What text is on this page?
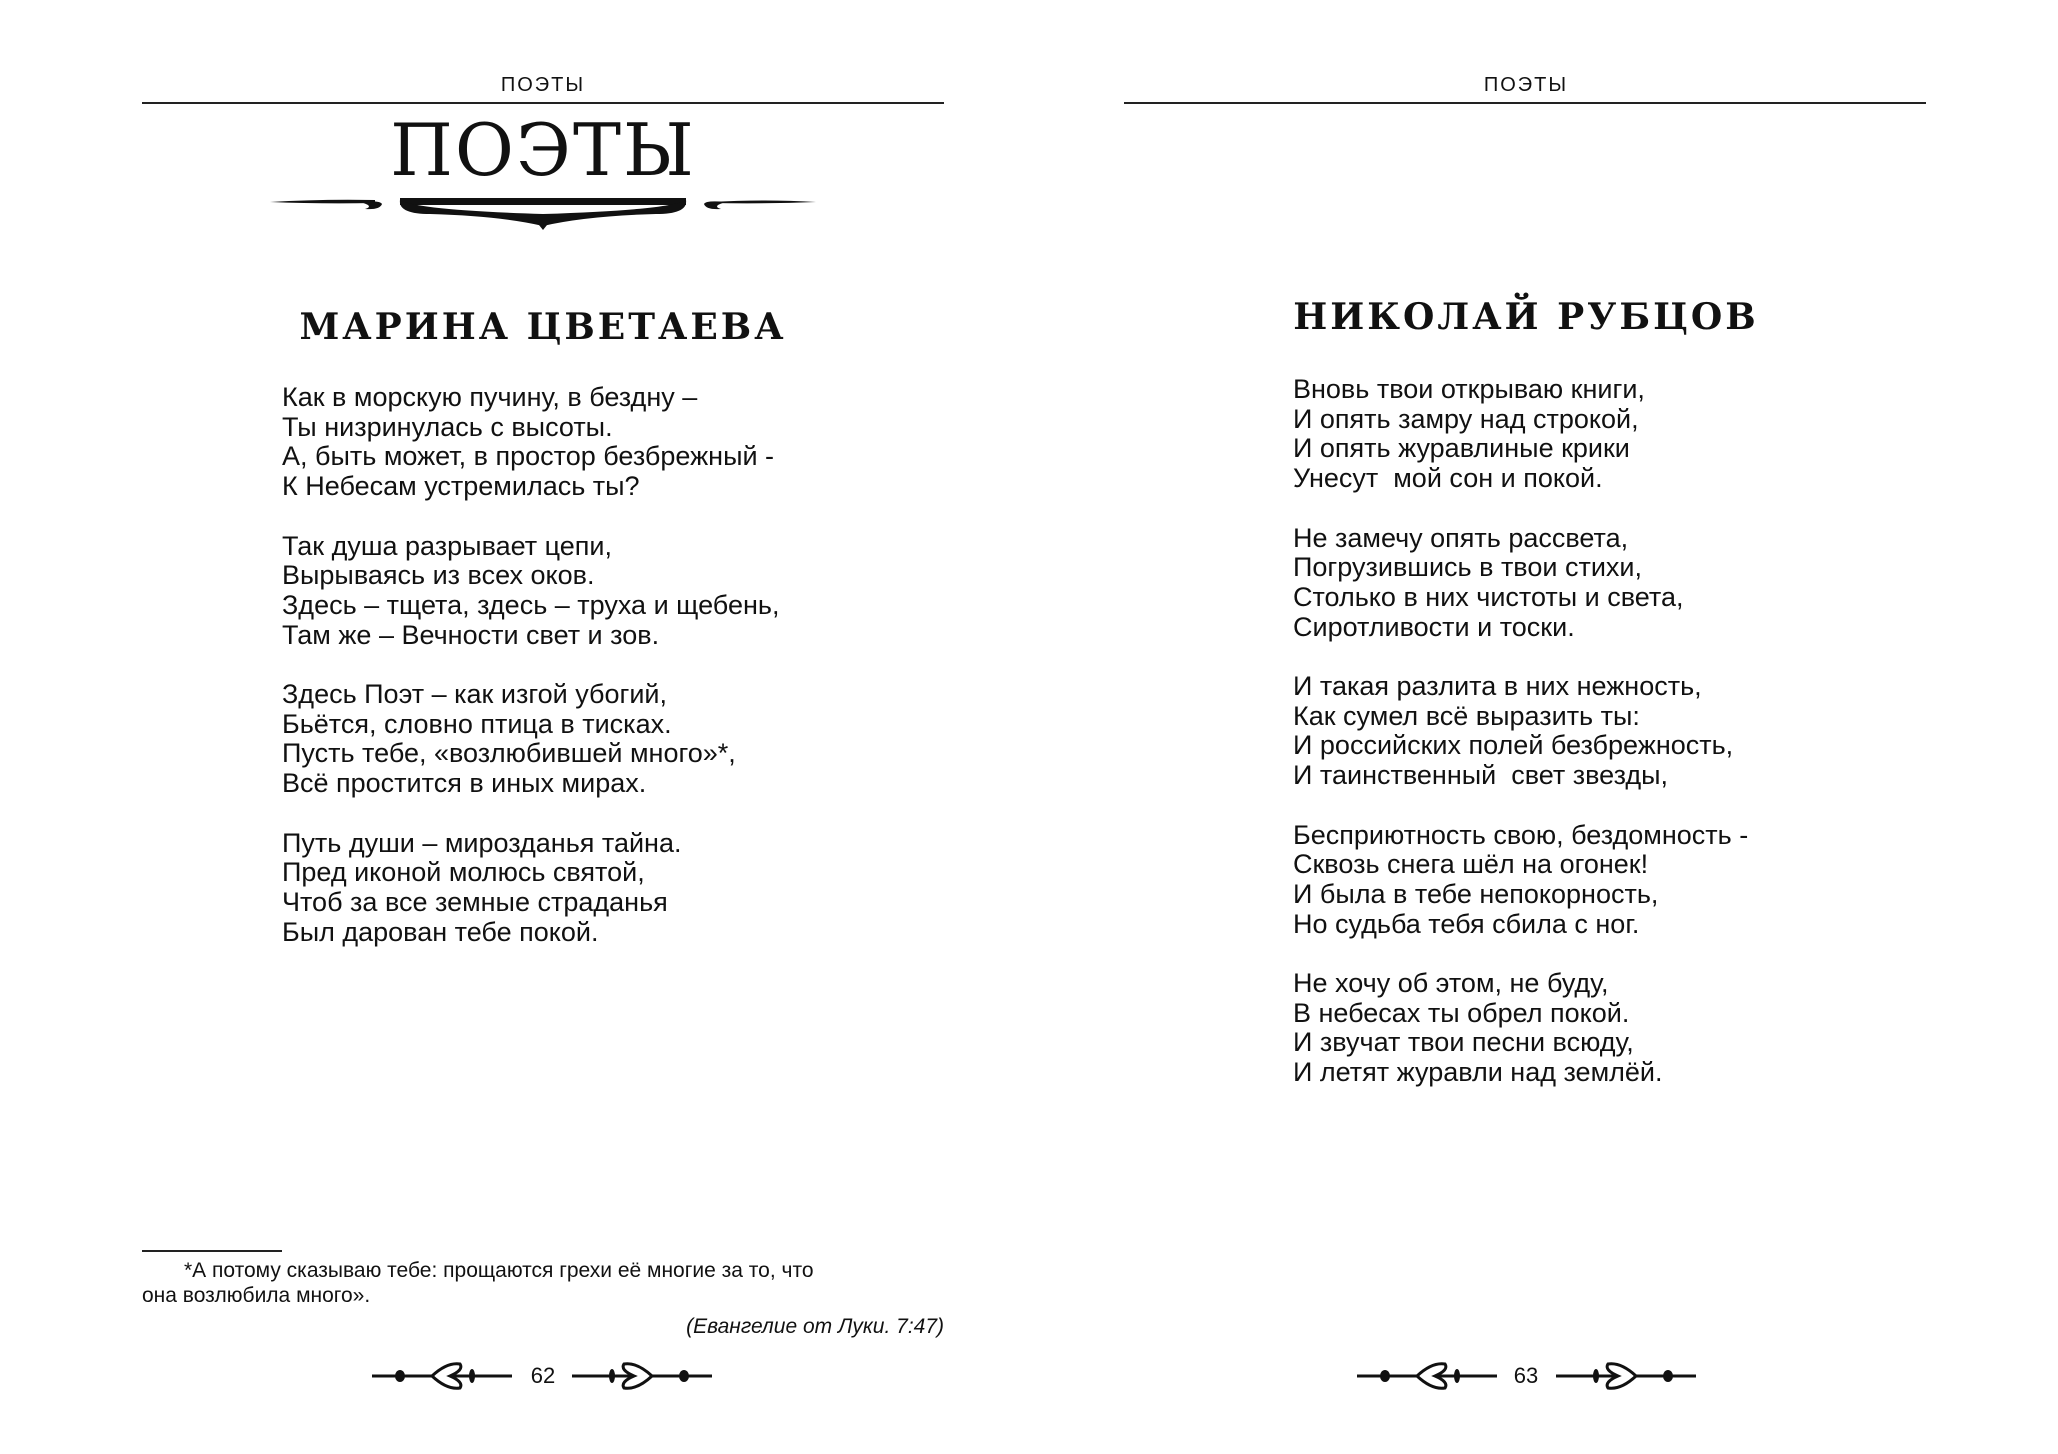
ПОЭТЫ
ПОЭТЫ
МАРИНА ЦВЕТАЕВА
Как в морскую пучину, в бездну –
Ты низринулась с высоты.
А, быть может, в простор безбрежный -
К Небесам устремилась ты?
Так душа разрывает цепи,
Вырываясь из всех оков.
Здесь – тщета, здесь – труха и щебень,
Там же – Вечности свет и зов.
Здесь Поэт – как изгой убогий,
Бьётся, словно птица в тисках.
Пусть тебе, «возлюбившей много»*,
Всё простится в иных мирах.
Путь души – мирозданья тайна.
Пред иконой молюсь святой,
Чтоб за все земные страданья
Был дарован тебе покой.
*А потому сказываю тебе: прощаются грехи её многие за то, что
она возлюбила много».
(Евангелие от Луки. 7:47)
62
ПОЭТЫ
НИКОЛАЙ РУБЦОВ
Вновь твои открываю книги,
И опять замру над строкой,
И опять журавлиные крики
Унесут  мой сон и покой.
Не замечу опять рассвета,
Погрузившись в твои стихи,
Столько в них чистоты и света,
Сиротливости и тоски.
И такая разлита в них нежность,
Как сумел всё выразить ты:
И российских полей безбрежность,
И таинственный  свет звезды,
Бесприютность свою, бездомность -
Сквозь снега шёл на огонек!
И была в тебе непокорность,
Но судьба тебя сбила с ног.
Не хочу об этом, не буду,
В небесах ты обрел покой.
И звучат твои песни всюду,
И летят журавли над землёй.
63
